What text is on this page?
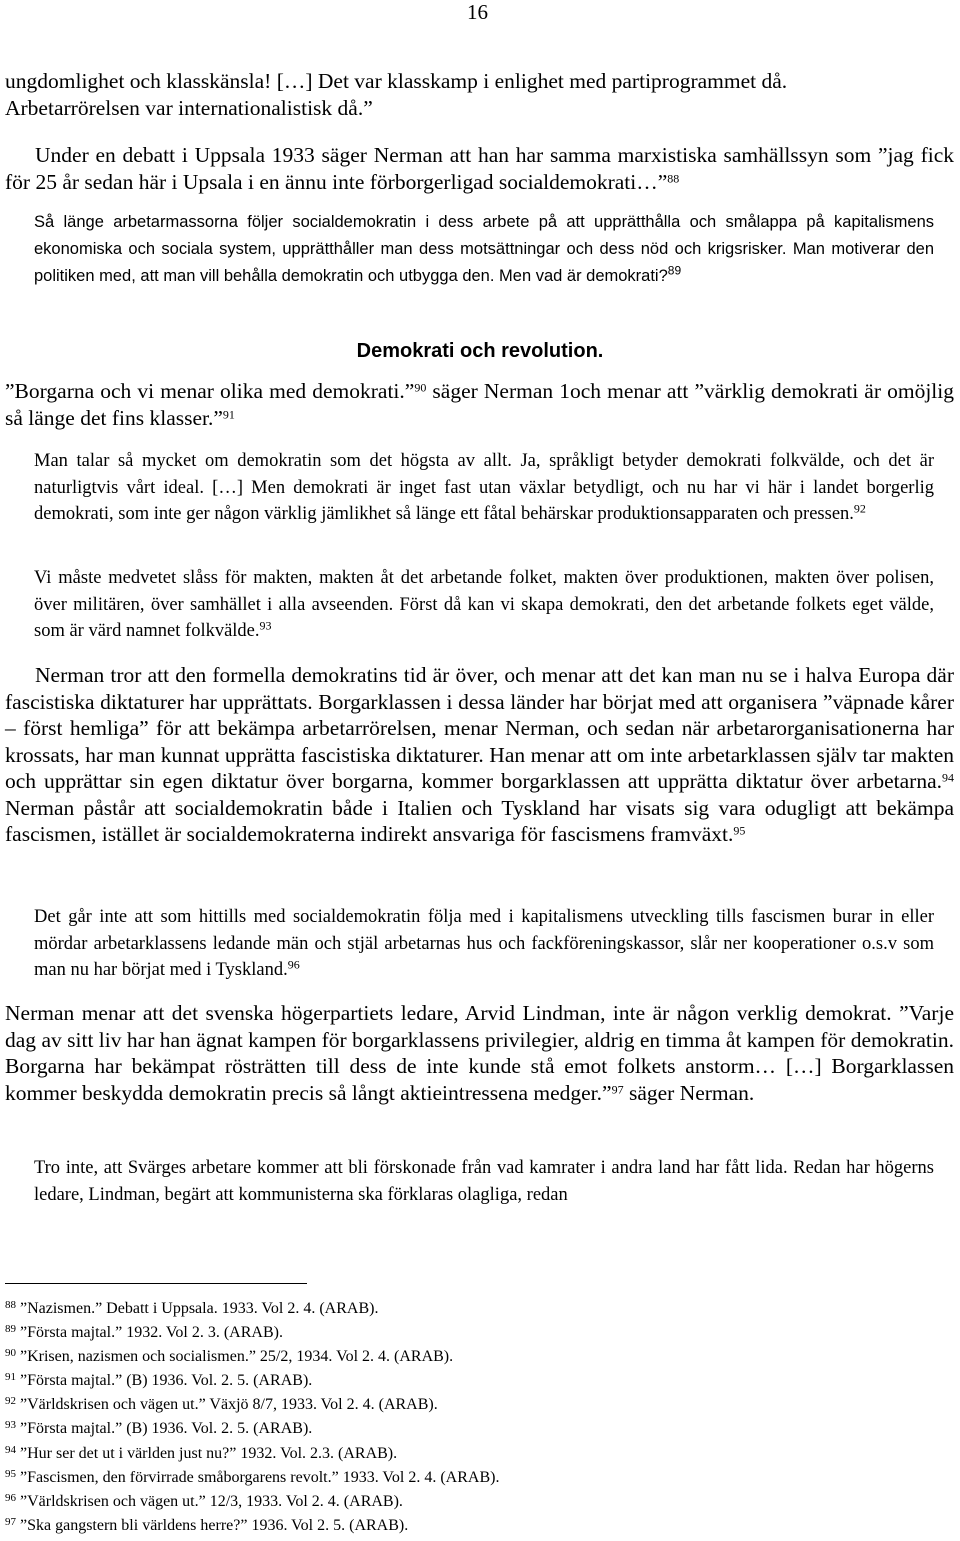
16
ungdomlighet och klasskänsla! […] Det var klasskamp i enlighet med partiprogrammet då.
Arbetarrörelsen var internationalistisk då.”
Under en debatt i Uppsala 1933 säger Nerman att han har samma marxistiska samhällssyn som ”jag fick för 25 år sedan här i Upsala i en ännu inte förborgerligad socialdemokrati…”$^{88}$
Så länge arbetarmassorna följer socialdemokratin i dess arbete på att upprätthålla och smålappa på kapitalismens ekonomiska och sociala system, upprätthåller man dess motsättningar och dess nöd och krigsrisker. Man motiverar den politiken med, att man vill behålla demokratin och utbygga den. Men vad är demokrati?$^{89}$
Demokrati och revolution.
”Borgarna och vi menar olika med demokrati.”$^{90}$ säger Nerman 1och menar att ”värklig demokrati är omöjlig så länge det fins klasser.”$^{91}$
Man talar så mycket om demokratin som det högsta av allt. Ja, språkligt betyder demokrati folkvälde, och det är naturligtvis vårt ideal. […] Men demokrati är inget fast utan växlar betydligt, och nu har vi här i landet borgerlig demokrati, som inte ger någon värklig jämlikhet så länge ett fåtal behärskar produktionsapparaten och pressen.$^{92}$
Vi måste medvetet slåss för makten, makten åt det arbetande folket, makten över produktionen, makten över polisen, över militären, över samhället i alla avseenden. Först då kan vi skapa demokrati, den det arbetande folkets eget välde, som är värd namnet folkvälde.$^{93}$
Nerman tror att den formella demokratins tid är över, och menar att det kan man nu se i halva Europa där fascistiska diktaturer har upprättats. Borgarklassen i dessa länder har börjat med att organisera ”väpnade kårer – först hemliga” för att bekämpa arbetarrörelsen, menar Nerman, och sedan när arbetarorganisationerna har krossats, har man kunnat upprätta fascistiska diktaturer. Han menar att om inte arbetarklassen själv tar makten och upprättar sin egen diktatur över borgarna, kommer borgarklassen att upprätta diktatur över arbetarna.$^{94}$ Nerman påstår att socialdemokratin både i Italien och Tyskland har visats sig vara odugligt att bekämpa fascismen, istället är socialdemokraterna indirekt ansvariga för fascismens framväxt.$^{95}$
Det går inte att som hittills med socialdemokratin följa med i kapitalismens utveckling tills fascismen burar in eller mördar arbetarklassens ledande män och stjäl arbetarnas hus och fackföreningskassor, slår ner kooperationer o.s.v som man nu har börjat med i Tyskland.$^{96}$
Nerman menar att det svenska högerpartiets ledare, Arvid Lindman, inte är någon verklig demokrat. ”Varje dag av sitt liv har han ägnat kampen för borgarklassens privilegier, aldrig en timma åt kampen för demokratin. Borgarna har bekämpat rösträtten till dess de inte kunde stå emot folkets anstorm… […] Borgarklassen kommer beskydda demokratin precis så långt aktieintressena medger.”$^{97}$ säger Nerman.
Tro inte, att Svärges arbetare kommer att bli förskonade från vad kamrater i andra land har fått lida. Redan har högerns ledare, Lindman, begärt att kommunisterna ska förklaras olagliga, redan
$^{88}$ ”Nazismen.” Debatt i Uppsala. 1933. Vol 2. 4. (ARAB).
$^{89}$ ”Första majtal.” 1932. Vol 2. 3. (ARAB).
$^{90}$ ”Krisen, nazismen och socialismen.” 25/2, 1934. Vol 2. 4. (ARAB).
$^{91}$ ”Första majtal.” (B) 1936. Vol. 2. 5. (ARAB).
$^{92}$ ”Världskrisen och vägen ut.” Växjö 8/7, 1933. Vol 2. 4. (ARAB).
$^{93}$ ”Första majtal.” (B) 1936. Vol. 2. 5. (ARAB).
$^{94}$ ”Hur ser det ut i världen just nu?” 1932. Vol. 2.3. (ARAB).
$^{95}$ ”Fascismen, den förvirrade småborgarens revolt.” 1933. Vol 2. 4. (ARAB).
$^{96}$ ”Världskrisen och vägen ut.” 12/3, 1933. Vol 2. 4. (ARAB).
$^{97}$ ”Ska gangstern bli världens herre?” 1936. Vol 2. 5. (ARAB).
